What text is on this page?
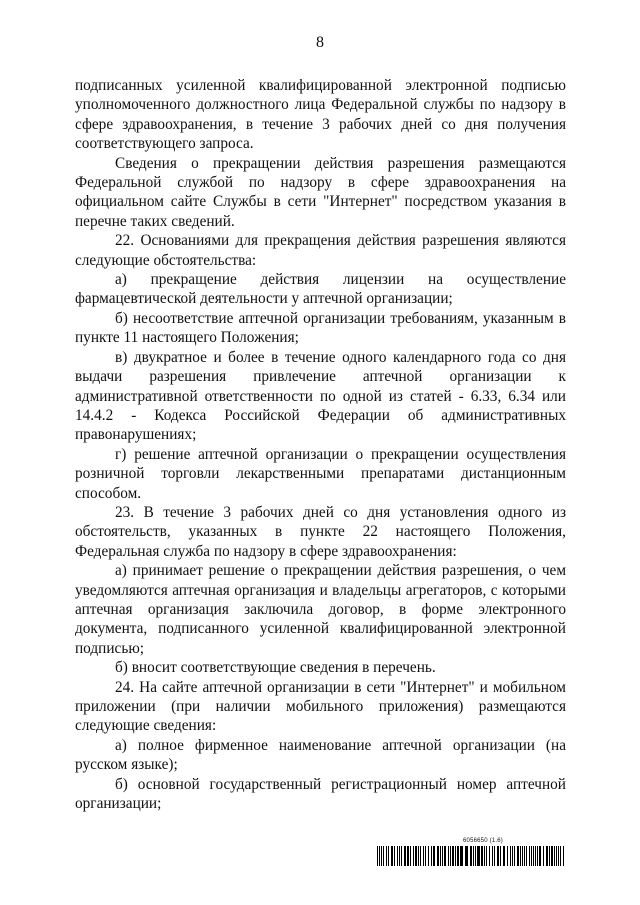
8

подписанных усиленной квалифицированной электронной подписью уполномоченного должностного лица Федеральной службы по надзору в сфере здравоохранения, в течение 3 рабочих дней со дня получения соответствующего запроса.

Сведения о прекращении действия разрешения размещаются Федеральной службой по надзору в сфере здравоохранения на официальном сайте Службы в сети "Интернет" посредством указания в перечне таких сведений.

22. Основаниями для прекращения действия разрешения являются следующие обстоятельства:

а) прекращение действия лицензии на осуществление фармацевтической деятельности у аптечной организации;

б) несоответствие аптечной организации требованиям, указанным в пункте 11 настоящего Положения;

в) двукратное и более в течение одного календарного года со дня выдачи разрешения привлечение аптечной организации к административной ответственности по одной из статей - 6.33, 6.34 или 14.4.2 - Кодекса Российской Федерации об административных правонарушениях;

г) решение аптечной организации о прекращении осуществления розничной торговли лекарственными препаратами дистанционным способом.

23. В течение 3 рабочих дней со дня установления одного из обстоятельств, указанных в пункте 22 настоящего Положения, Федеральная служба по надзору в сфере здравоохранения:

а) принимает решение о прекращении действия разрешения, о чем уведомляются аптечная организация и владельцы агрегаторов, с которыми аптечная организация заключила договор, в форме электронного документа, подписанного усиленной квалифицированной электронной подписью;

б) вносит соответствующие сведения в перечень.

24. На сайте аптечной организации в сети "Интернет" и мобильном приложении (при наличии мобильного приложения) размещаются следующие сведения:

а) полное фирменное наименование аптечной организации (на русском языке);

б) основной государственный регистрационный номер аптечной организации;

6056650 (1.6)
